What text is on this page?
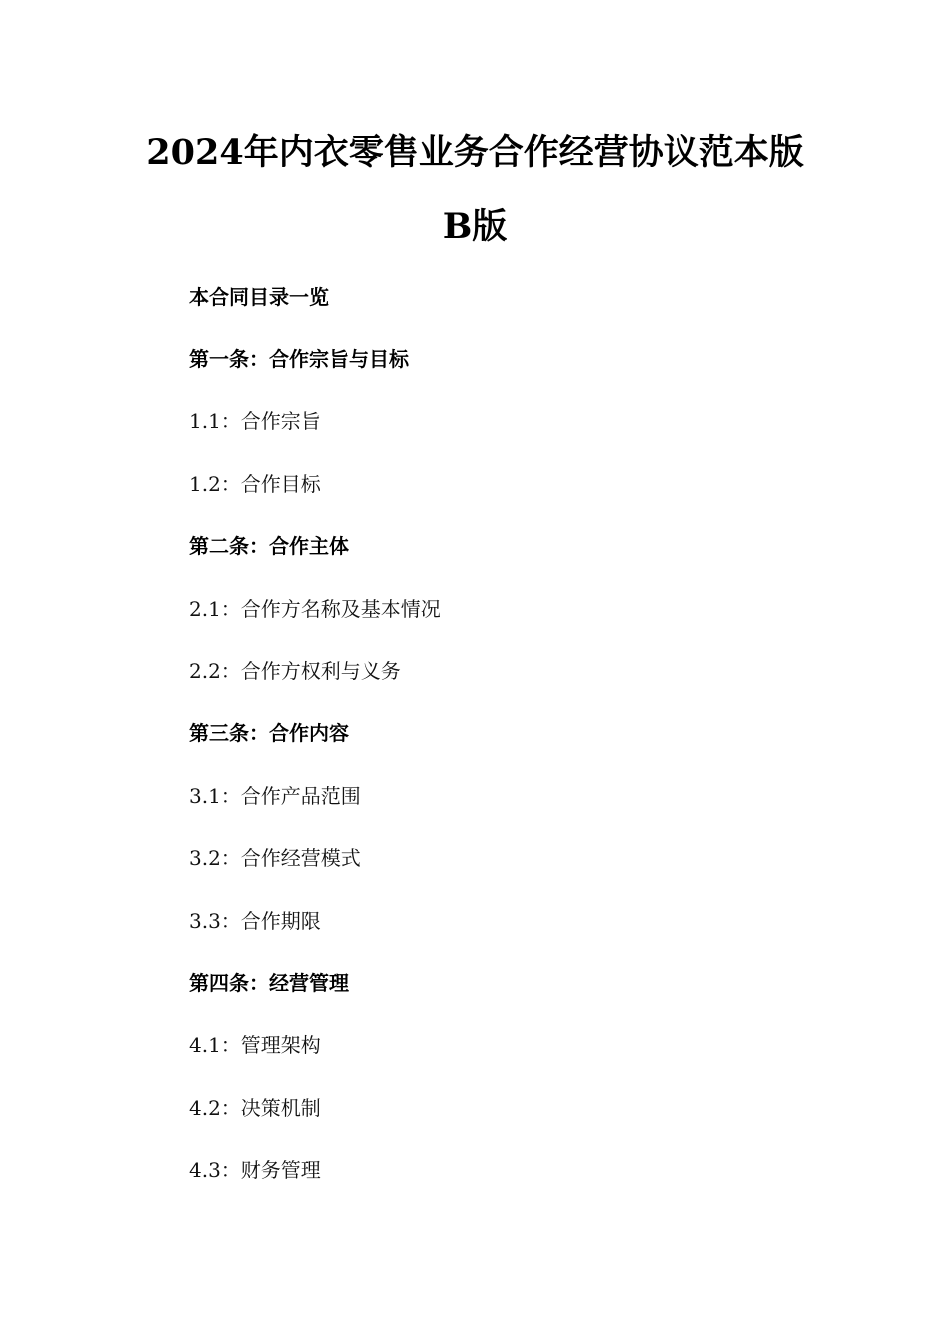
2024年内衣零售业务合作经营协议范本版
B版
本合同目录一览
第一条：合作宗旨与目标
1.1：合作宗旨
1.2：合作目标
第二条：合作主体
2.1：合作方名称及基本情况
2.2：合作方权利与义务
第三条：合作内容
3.1：合作产品范围
3.2：合作经营模式
3.3：合作期限
第四条：经营管理
4.1：管理架构
4.2：决策机制
4.3：财务管理
